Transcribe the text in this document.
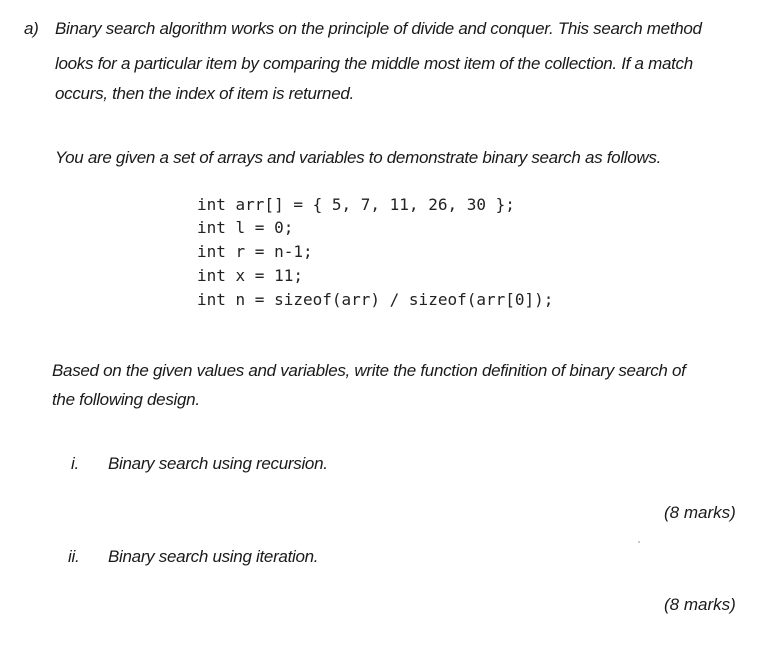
a) Binary search algorithm works on the principle of divide and conquer. This search method
looks for a particular item by comparing the middle most item of the collection. If a match
occurs, then the index of item is returned.
You are given a set of arrays and variables to demonstrate binary search as follows.
int arr[] = { 5, 7, 11, 26, 30 };
int l = 0;
int r = n-1;
int x = 11;
int n = sizeof(arr) / sizeof(arr[0]);
Based on the given values and variables, write the function definition of binary search of
the following design.
i. Binary search using recursion.
(8 marks)
ii. Binary search using iteration.
(8 marks)
